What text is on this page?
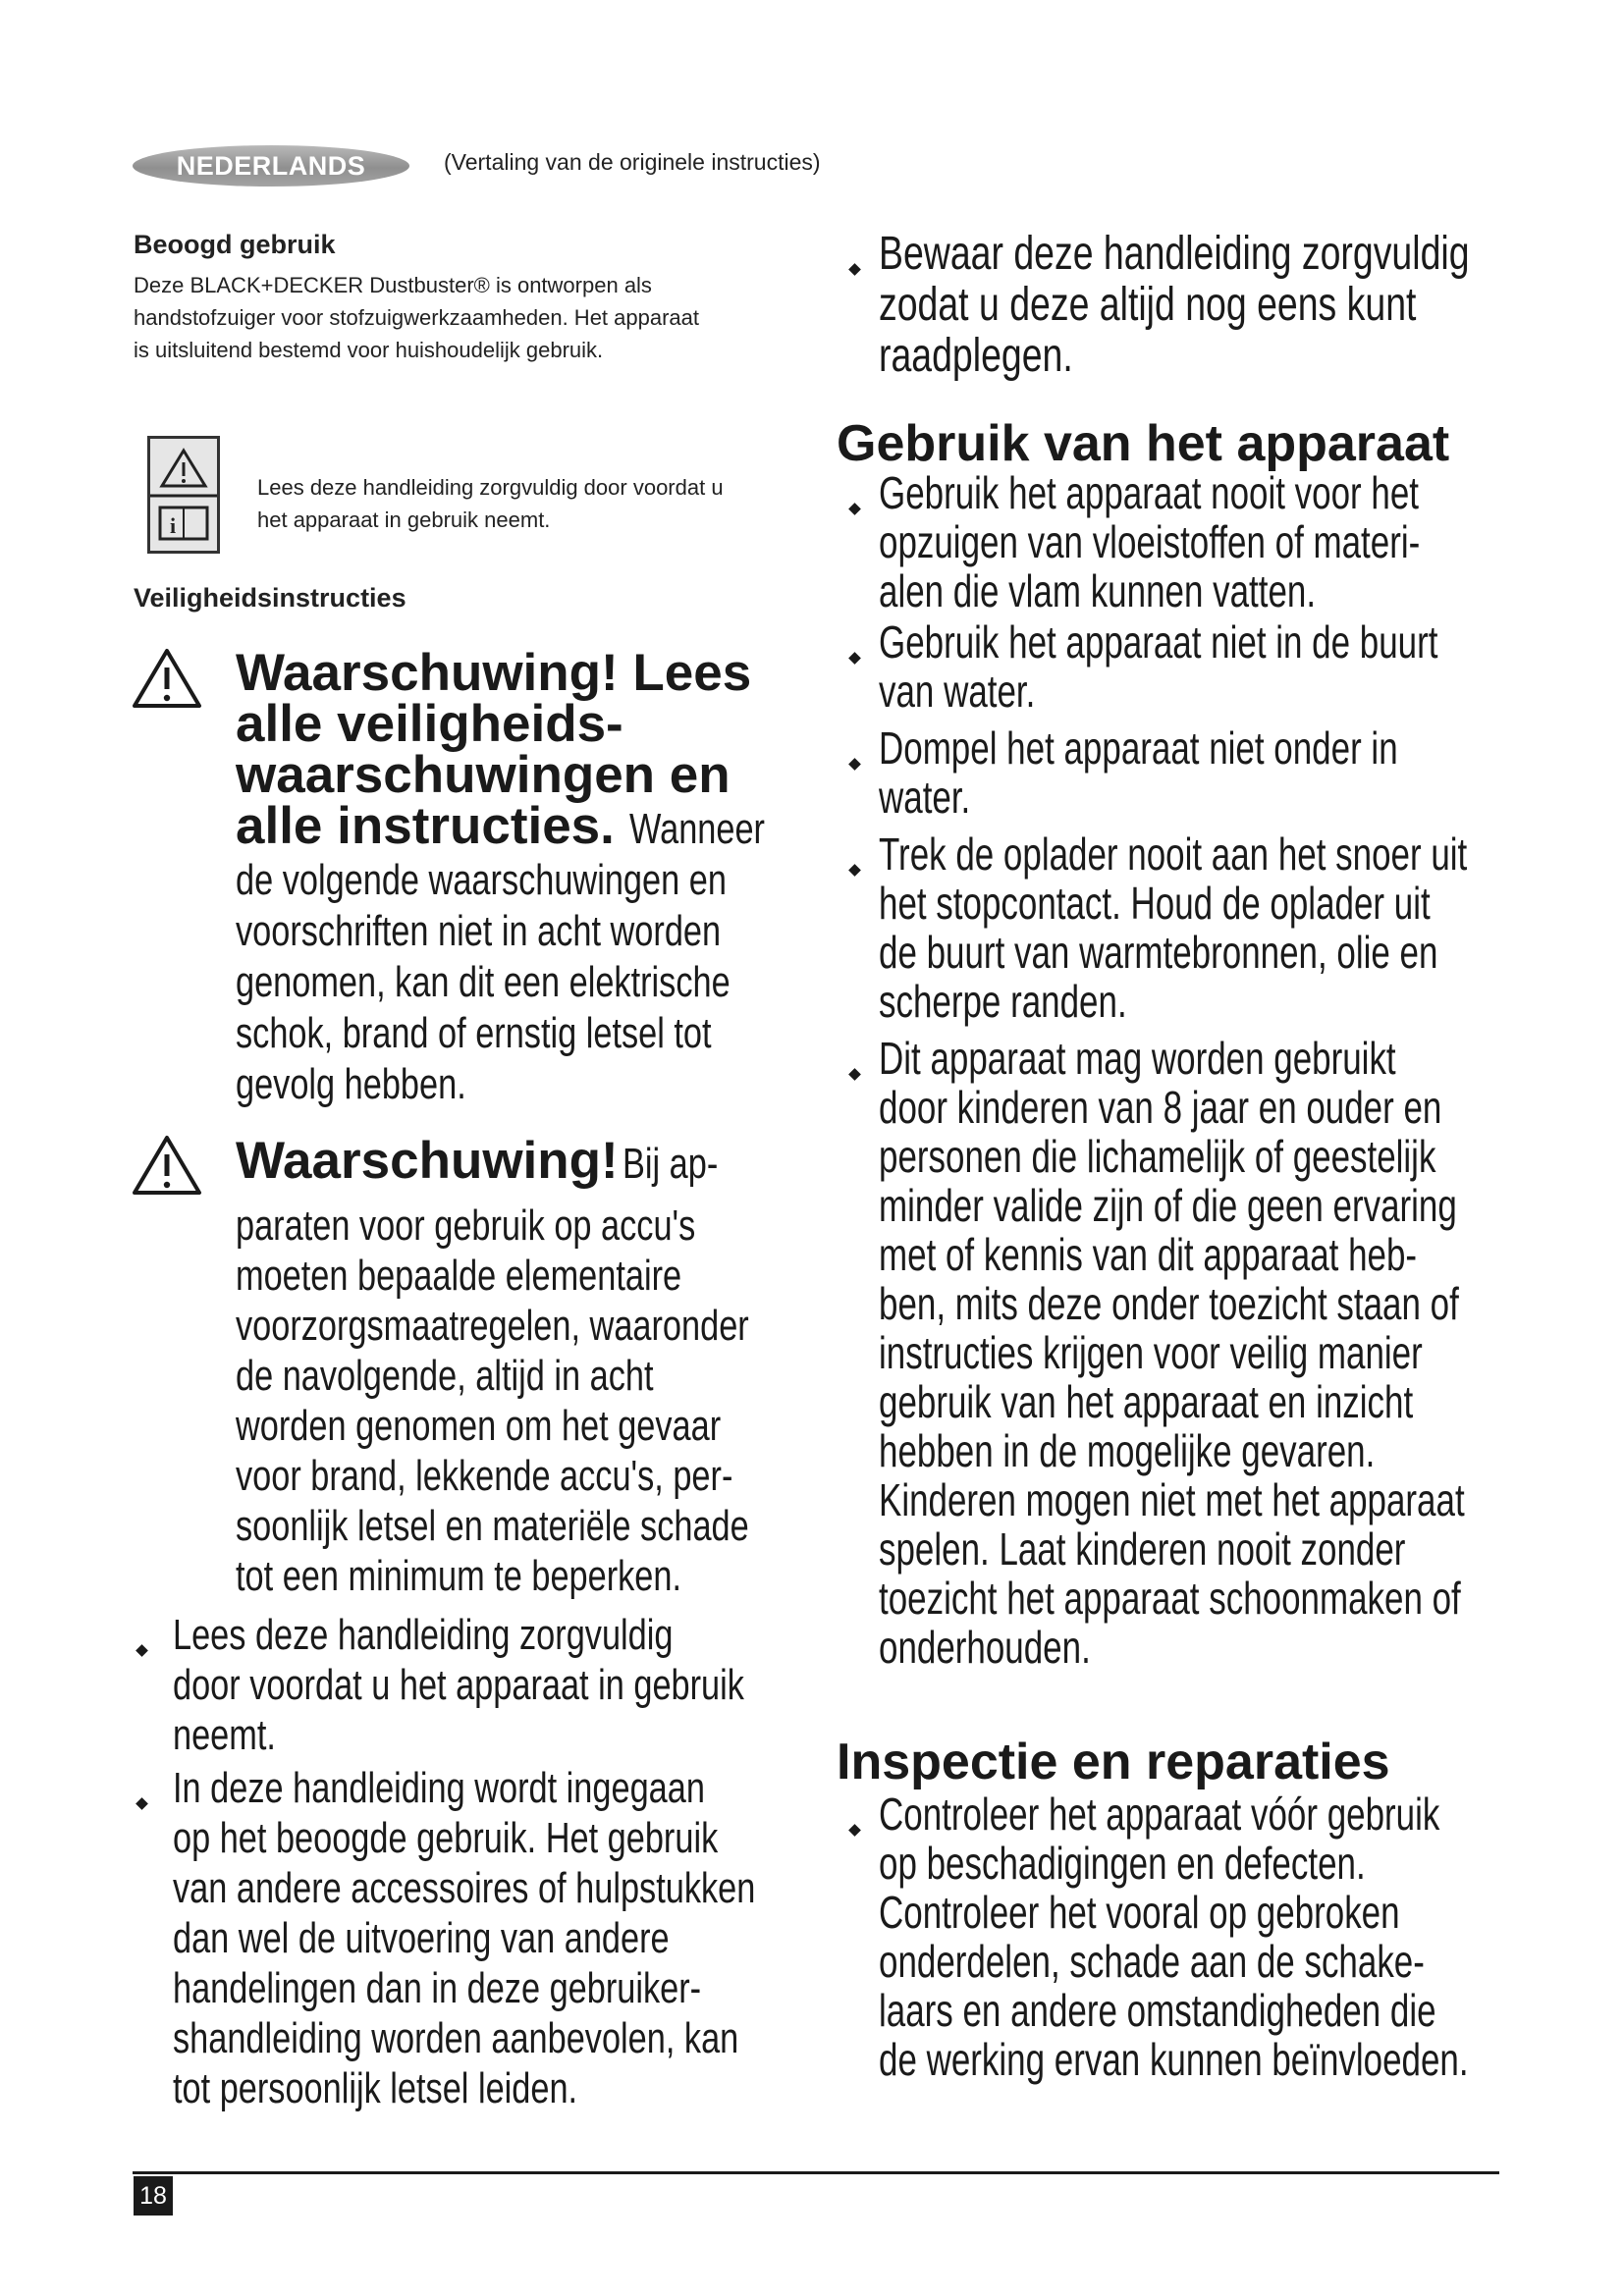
NEDERLANDS	(Vertaling van de originele instructies)
Beoogd gebruik
Deze BLACK+DECKER Dustbuster® is ontworpen als
handstofzuiger voor stofzuigwerkzaamheden. Het apparaat
is uitsluitend bestemd voor huishoudelijk gebruik.
i
Lees deze handleiding zorgvuldig door voordat u
het apparaat in gebruik neemt.
Veiligheidsinstructies
Waarschuwing! Lees
alle veiligheids-
waarschuwingen en
alle instructies. Wanneer
de volgende waarschuwingen en
voorschriften niet in acht worden
genomen, kan dit een elektrische
schok, brand of ernstig letsel tot
gevolg hebben.
Waarschuwing! Bij ap-
paraten voor gebruik op accu's
moeten bepaalde elementaire
voorzorgsmaatregelen, waaronder
de navolgende, altijd in acht
worden genomen om het gevaar
voor brand, lekkende accu's, per-
soonlijk letsel en materiële schade
tot een minimum te beperken.
Lees deze handleiding zorgvuldig
door voordat u het apparaat in gebruik
neemt.
In deze handleiding wordt ingegaan
op het beoogde gebruik. Het gebruik
van andere accessoires of hulpstukken
dan wel de uitvoering van andere
handelingen dan in deze gebruiker-
shandleiding worden aanbevolen, kan
tot persoonlijk letsel leiden.
Bewaar deze handleiding zorgvuldig
zodat u deze altijd nog eens kunt
raadplegen.
Gebruik van het apparaat
Gebruik het apparaat nooit voor het
opzuigen van vloeistoffen of materi-
alen die vlam kunnen vatten.
Gebruik het apparaat niet in de buurt
van water.
Dompel het apparaat niet onder in
water.
Trek de oplader nooit aan het snoer uit
het stopcontact. Houd de oplader uit
de buurt van warmtebronnen, olie en
scherpe randen.
Dit apparaat mag worden gebruikt
door kinderen van 8 jaar en ouder en
personen die lichamelijk of geestelijk
minder valide zijn of die geen ervaring
met of kennis van dit apparaat heb-
ben, mits deze onder toezicht staan of
instructies krijgen voor veilig manier
gebruik van het apparaat en inzicht
hebben in de mogelijke gevaren.
Kinderen mogen niet met het apparaat
spelen. Laat kinderen nooit zonder
toezicht het apparaat schoonmaken of
onderhouden.
Inspectie en reparaties
Controleer het apparaat vóór gebruik
op beschadigingen en defecten.
Controleer het vooral op gebroken
onderdelen, schade aan de schake-
laars en andere omstandigheden die
de werking ervan kunnen beïnvloeden.
18
